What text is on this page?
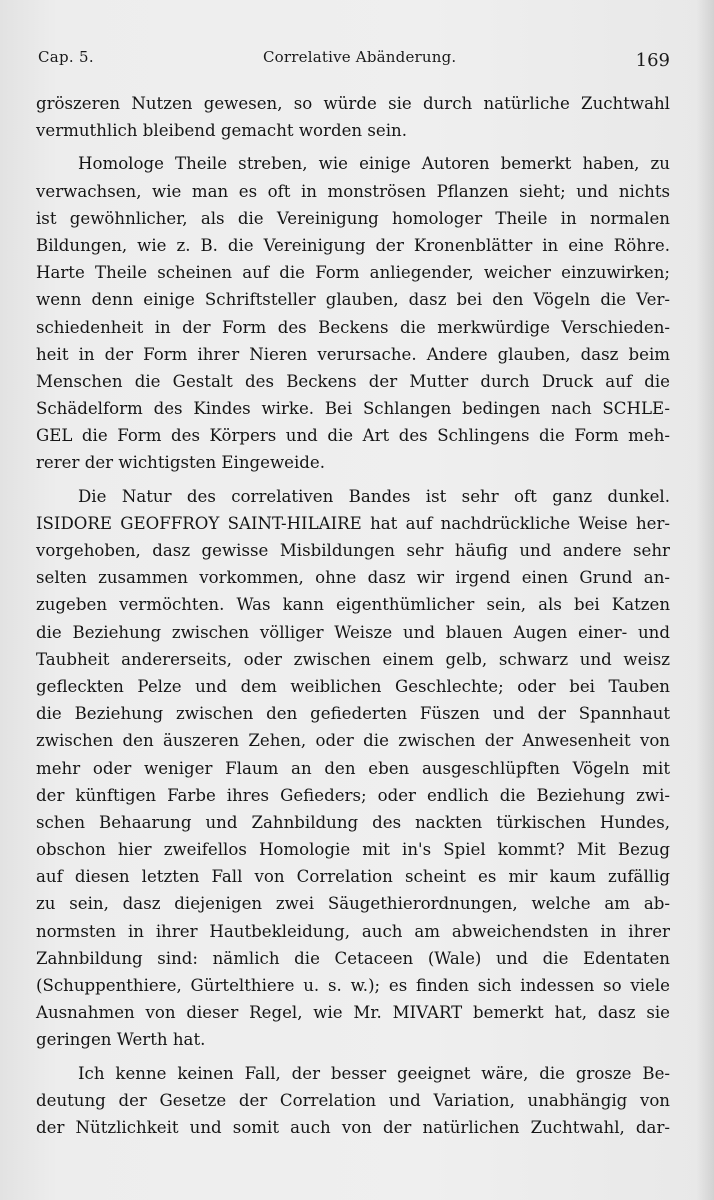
Cap. 5.	Correlative Abänderung.	169

gröszeren Nutzen gewesen, so würde sie durch natürliche Zuchtwahl
vermuthlich bleibend gemacht worden sein.

Homologe Theile streben, wie einige Autoren bemerkt haben, zu
verwachsen, wie man es oft in monströsen Pflanzen sieht; und nichts
ist gewöhnlicher, als die Vereinigung homologer Theile in normalen
Bildungen, wie z. B. die Vereinigung der Kronenblätter in eine Röhre.
Harte Theile scheinen auf die Form anliegender, weicher einzuwirken;
wenn denn einige Schriftsteller glauben, dasz bei den Vögeln die Ver-
schiedenheit in der Form des Beckens die merkwürdige Verschieden-
heit in der Form ihrer Nieren verursache. Andere glauben, dasz beim
Menschen die Gestalt des Beckens der Mutter durch Druck auf die
Schädelform des Kindes wirke. Bei Schlangen bedingen nach SCHLE-
GEL die Form des Körpers und die Art des Schlingens die Form meh-
rerer der wichtigsten Eingeweide.

Die Natur des correlativen Bandes ist sehr oft ganz dunkel.
ISIDORE GEOFFROY SAINT-HILAIRE hat auf nachdrückliche Weise her-
vorgehoben, dasz gewisse Misbildungen sehr häufig und andere sehr
selten zusammen vorkommen, ohne dasz wir irgend einen Grund an-
zugeben vermöchten. Was kann eigenthümlicher sein, als bei Katzen
die Beziehung zwischen völliger Weisze und blauen Augen einer- und
Taubheit andererseits, oder zwischen einem gelb, schwarz und weisz
gefleckten Pelze und dem weiblichen Geschlechte; oder bei Tauben
die Beziehung zwischen den gefiederten Füszen und der Spannhaut
zwischen den äuszeren Zehen, oder die zwischen der Anwesenheit von
mehr oder weniger Flaum an den eben ausgeschlüpften Vögeln mit
der künftigen Farbe ihres Gefieders; oder endlich die Beziehung zwi-
schen Behaarung und Zahnbildung des nackten türkischen Hundes,
obschon hier zweifellos Homologie mit in's Spiel kommt? Mit Bezug
auf diesen letzten Fall von Correlation scheint es mir kaum zufällig
zu sein, dasz diejenigen zwei Säugethierordnungen, welche am ab-
normsten in ihrer Hautbekleidung, auch am abweichendsten in ihrer
Zahnbildung sind: nämlich die Cetaceen (Wale) und die Edentaten
(Schuppenthiere, Gürtelthiere u. s. w.); es finden sich indessen so viele
Ausnahmen von dieser Regel, wie Mr. MIVART bemerkt hat, dasz sie
geringen Werth hat.

Ich kenne keinen Fall, der besser geeignet wäre, die grosze Be-
deutung der Gesetze der Correlation und Variation, unabhängig von
der Nützlichkeit und somit auch von der natürlichen Zuchtwahl, dar-
